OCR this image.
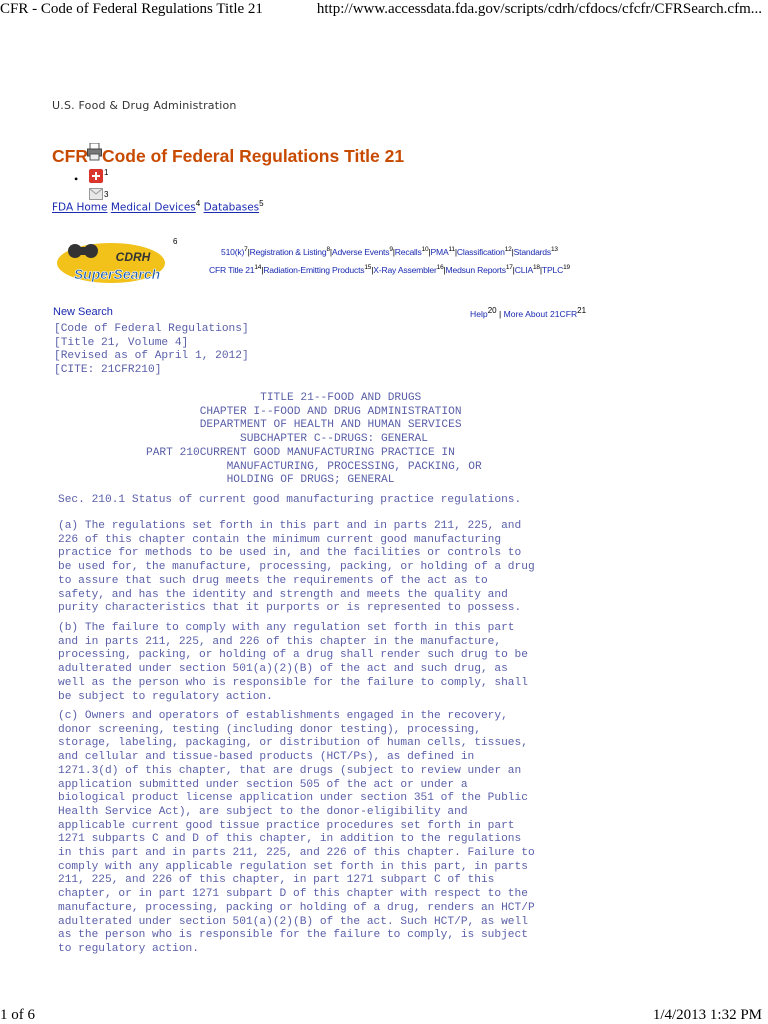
CFR - Code of Federal Regulations Title 21	http://www.accessdata.fda.gov/scripts/cdrh/cfdocs/cfcfr/CFRSearch.cfm...
U.S. Food & Drug Administration
CFR Code of Federal Regulations Title 21
•	1
3
FDA Home Medical Devices$^4$ Databases$^5$
CDRH
SuperSearch
6
$510(k)^7|Registration$ & Listing$^8$|Adverse Events$^9$|Recalls$^{10}$|PMA$^{11}$|Classification$^{12}$|Standards$^{13}$
CFR Title $21^{14}|Radiation$-Emitting Products$^{15}$|X-Ray Assembler$^{16}$|Medsun Reports$^{17}$|CLIA$^{18}$|TPLC$^{19}$
New Search	Help20 | More About 21CFR21
[Code of Federal Regulations]
[Title 21, Volume 4]
[Revised as of April 1, 2012]
[CITE: 21CFR210]
TITLE 21--FOOD AND DRUGS
CHAPTER I--FOOD AND DRUG ADMINISTRATION
DEPARTMENT OF HEALTH AND HUMAN SERVICES
SUBCHAPTER C--DRUGS: GENERAL
PART 210CURRENT GOOD MANUFACTURING PRACTICE IN
MANUFACTURING, PROCESSING, PACKING, OR
HOLDING OF DRUGS; GENERAL
Sec. 210.1 Status of current good manufacturing practice regulations.
(a) The regulations set forth in this part and in parts 211, 225, and
226 of this chapter contain the minimum current good manufacturing
practice for methods to be used in, and the facilities or controls to
be used for, the manufacture, processing, packing, or holding of a drug
to assure that such drug meets the requirements of the act as to
safety, and has the identity and strength and meets the quality and
purity characteristics that it purports or is represented to possess.
(b) The failure to comply with any regulation set forth in this part
and in parts 211, 225, and 226 of this chapter in the manufacture,
processing, packing, or holding of a drug shall render such drug to be
adulterated under section 501(a)(2)(B) of the act and such drug, as
well as the person who is responsible for the failure to comply, shall
be subject to regulatory action.
(c) Owners and operators of establishments engaged in the recovery,
donor screening, testing (including donor testing), processing,
storage, labeling, packaging, or distribution of human cells, tissues,
and cellular and tissue-based products (HCT/Ps), as defined in
1271.3(d) of this chapter, that are drugs (subject to review under an
application submitted under section 505 of the act or under a
biological product license application under section 351 of the Public
Health Service Act), are subject to the donor-eligibility and
applicable current good tissue practice procedures set forth in part
1271 subparts C and D of this chapter, in addition to the regulations
in this part and in parts 211, 225, and 226 of this chapter. Failure to
comply with any applicable regulation set forth in this part, in parts
211, 225, and 226 of this chapter, in part 1271 subpart C of this
chapter, or in part 1271 subpart D of this chapter with respect to the
manufacture, processing, packing or holding of a drug, renders an HCT/P
adulterated under section 501(a)(2)(B) of the act. Such HCT/P, as well
as the person who is responsible for the failure to comply, is subject
to regulatory action.
1 of 6	1/4/2013 1:32 PM
